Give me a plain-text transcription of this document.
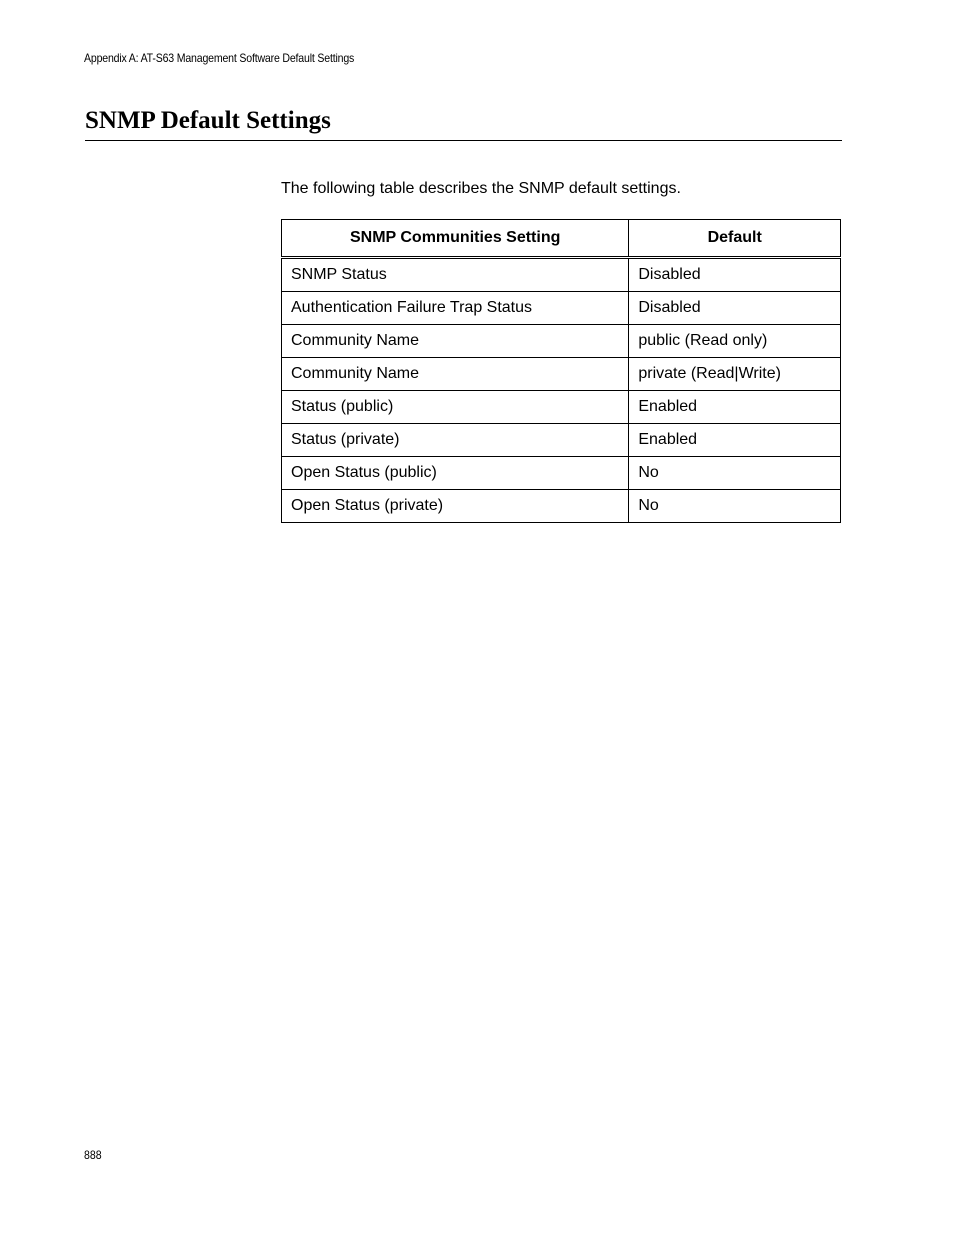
Appendix A: AT-S63 Management Software Default Settings
SNMP Default Settings

The following table describes the SNMP default settings.

SNMP Communities Setting	Default
SNMP Status	Disabled
Authentication Failure Trap Status	Disabled
Community Name	public (Read only)
Community Name	private (Read|Write)
Status (public)	Enabled
Status (private)	Enabled
Open Status (public)	No
Open Status (private)	No
888
